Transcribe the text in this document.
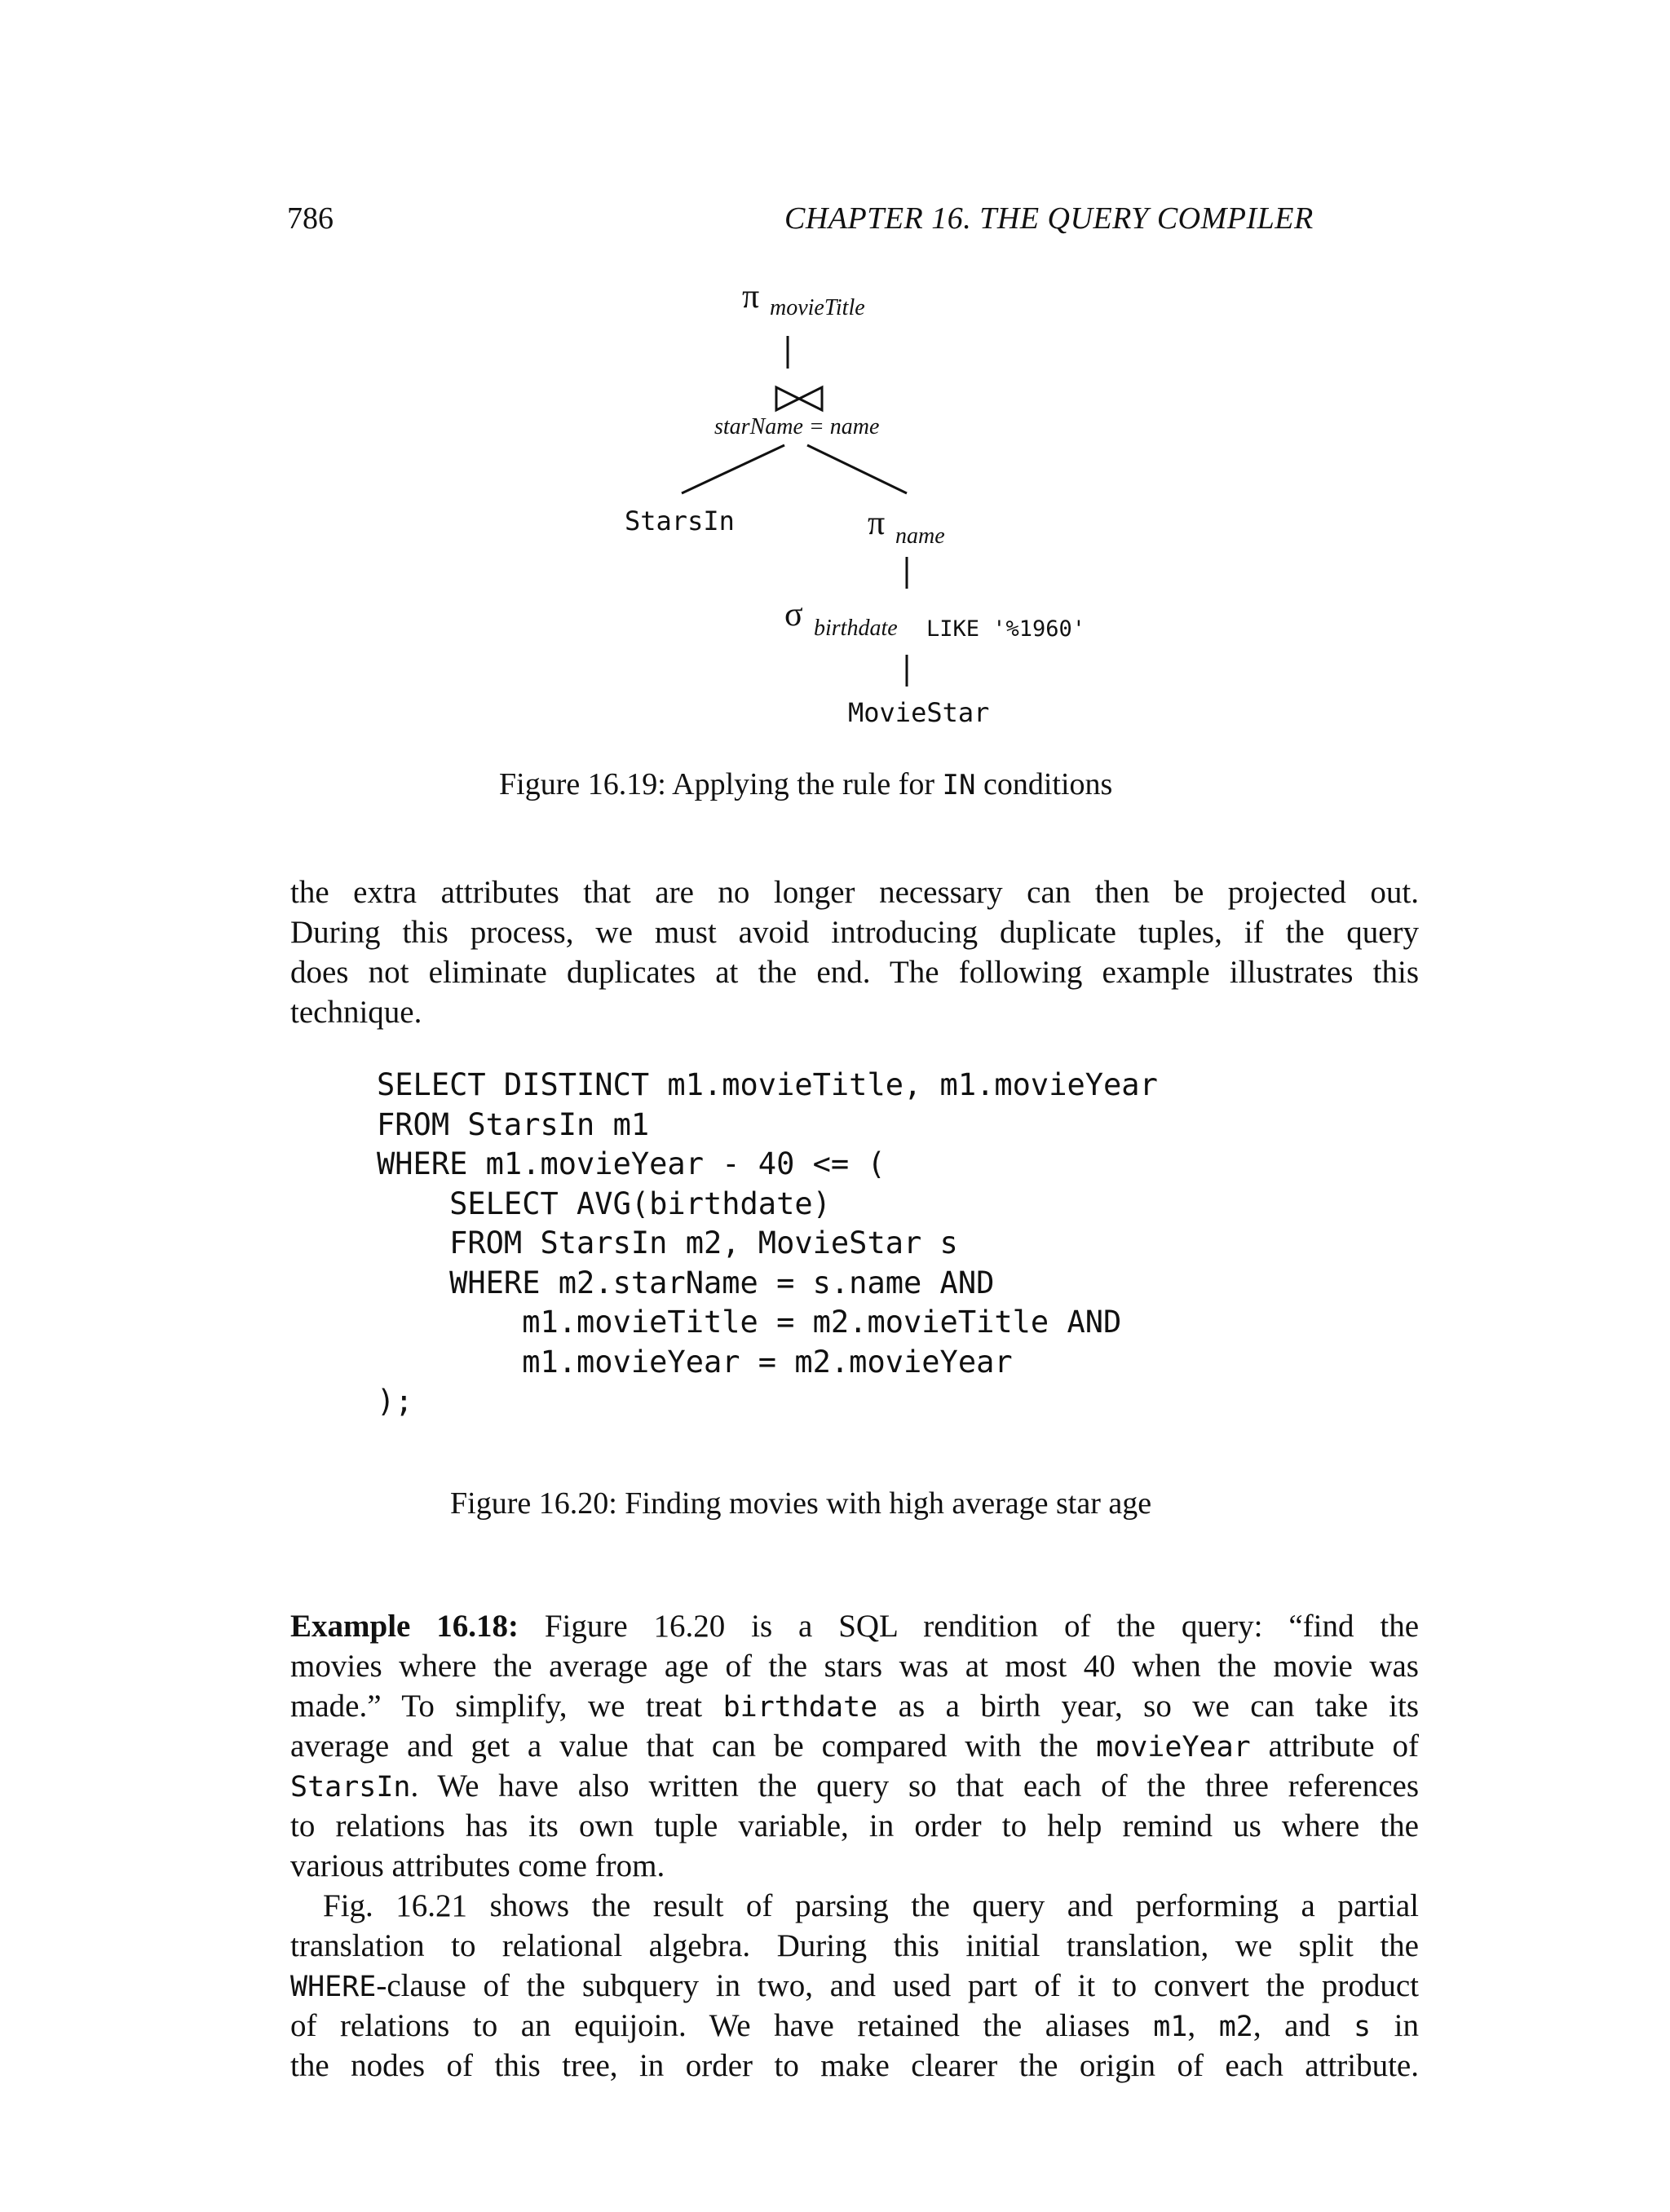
786	CHAPTER 16. THE QUERY COMPILER
π movieTitle
starName = name
StarsIn	π name
σ birthdate LIKE '%1960'
MovieStar
Figure 16.19: Applying the rule for IN conditions
the extra attributes that are no longer necessary can then be projected out.
During this process, we must avoid introducing duplicate tuples, if the query
does not eliminate duplicates at the end. The following example illustrates this
technique.
SELECT DISTINCT m1.movieTitle, m1.movieYear
FROM StarsIn m1
WHERE m1.movieYear - 40 <= (
SELECT AVG(birthdate)
FROM StarsIn m2, MovieStar s
WHERE m2.starName = s.name AND
m1.movieTitle = m2.movieTitle AND
m1.movieYear = m2.movieYear
);
Figure 16.20: Finding movies with high average star age
Example 16.18: Figure 16.20 is a SQL rendition of the query: “find the
movies where the average age of the stars was at most 40 when the movie was
made.” To simplify, we treat birthdate as a birth year, so we can take its
average and get a value that can be compared with the movieYear attribute of
StarsIn. We have also written the query so that each of the three references
to relations has its own tuple variable, in order to help remind us where the
various attributes come from.
Fig. 16.21 shows the result of parsing the query and performing a partial
translation to relational algebra. During this initial translation, we split the
WHERE-clause of the subquery in two, and used part of it to convert the product
of relations to an equijoin. We have retained the aliases m1, m2, and s in
the nodes of this tree, in order to make clearer the origin of each attribute.
